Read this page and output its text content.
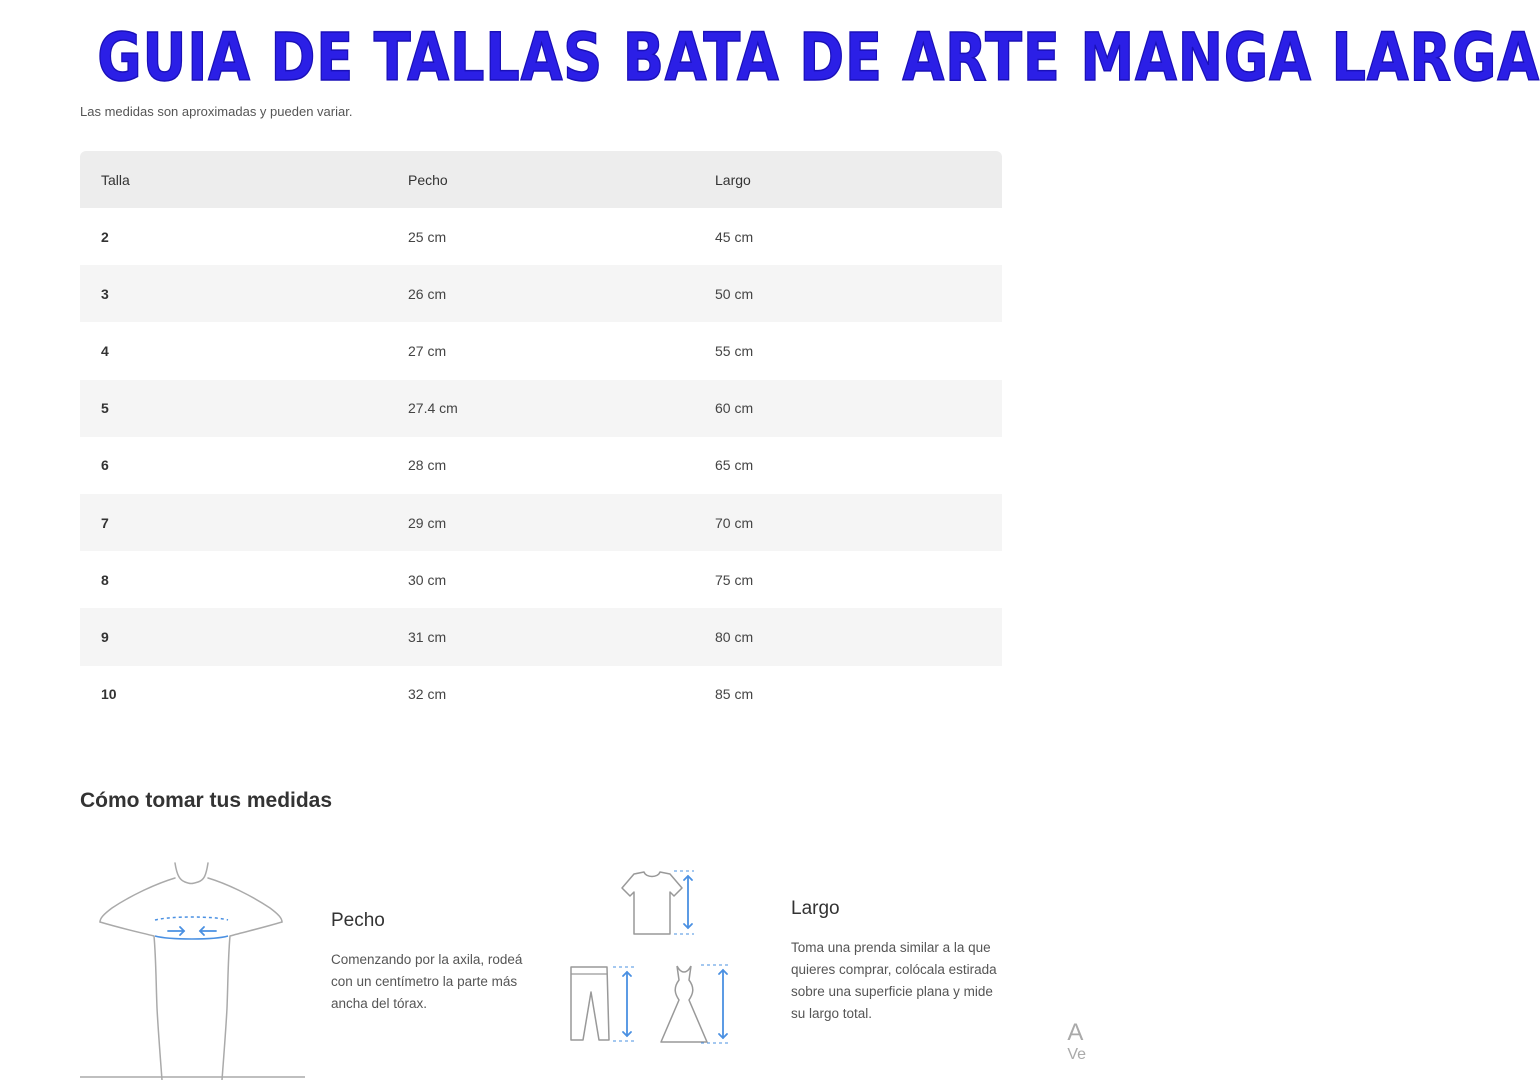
GUIA DE TALLAS BATA DE ARTE MANGA LARGA
Las medidas son aproximadas y pueden variar.
Talla	Pecho	Largo
2	25 cm	45 cm
3	26 cm	50 cm
4	27 cm	55 cm
5	27.4 cm	60 cm
6	28 cm	65 cm
7	29 cm	70 cm
8	30 cm	75 cm
9	31 cm	80 cm
10	32 cm	85 cm
Cómo tomar tus medidas
Pecho
Comenzando por la axila, rodeá con un centímetro la parte más ancha del tórax.
Largo
Toma una prenda similar a la que quieres comprar, colócala estirada sobre una superficie plana y mide su largo total.
A
Ve
